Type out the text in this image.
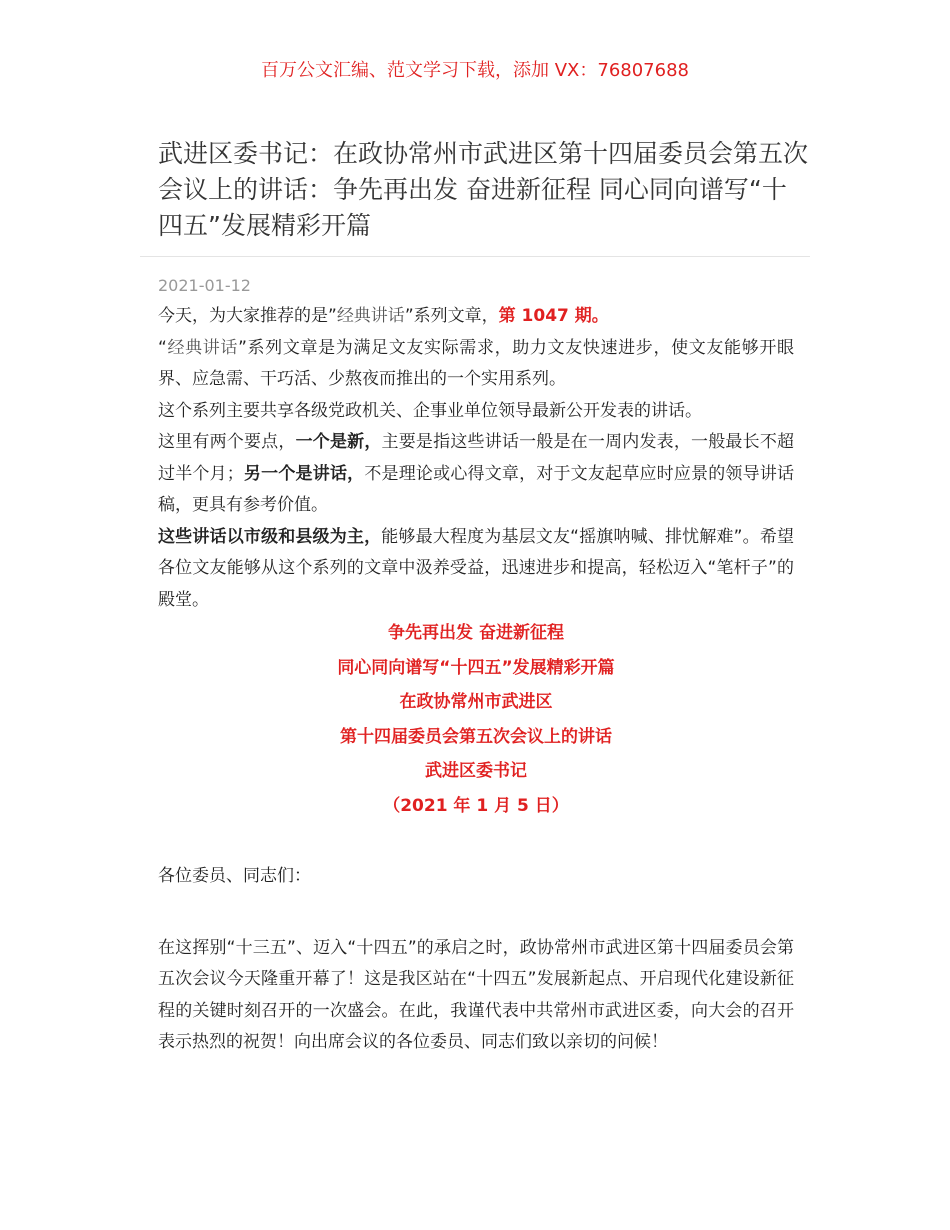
百万公文汇编、范文学习下载，添加 VX：76807688
武进区委书记：在政协常州市武进区第十四届委员会第五次会议上的讲话：争先再出发 奋进新征程 同心同向谱写“十四五”发展精彩开篇
2021-01-12

今天，为大家推荐的是”经典讲话”系列文章，第 1047 期。

“经典讲话”系列文章是为满足文友实际需求，助力文友快速进步，使文友能够开眼界、应急需、干巧活、少熬夜而推出的一个实用系列。

这个系列主要共享各级党政机关、企事业单位领导最新公开发表的讲话。

这里有两个要点，一个是新，主要是指这些讲话一般是在一周内发表，一般最长不超过半个月；另一个是讲话，不是理论或心得文章，对于文友起草应时应景的领导讲话稿，更具有参考价值。

这些讲话以市级和县级为主，能够最大程度为基层文友“摇旗呐喊、排忧解难”。希望各位文友能够从这个系列的文章中汲养受益，迅速进步和提高，轻松迈入“笔杆子”的殿堂。

争先再出发 奋进新征程

同心同向谱写“十四五”发展精彩开篇

在政协常州市武进区

第十四届委员会第五次会议上的讲话

武进区委书记

（2021 年 1 月 5 日）

各位委员、同志们：

在这挥别“十三五”、迈入“十四五”的承启之时，政协常州市武进区第十四届委员会第五次会议今天隆重开幕了！这是我区站在“十四五”发展新起点、开启现代化建设新征程的关键时刻召开的一次盛会。在此，我谨代表中共常州市武进区委，向大会的召开表示热烈的祝贺！向出席会议的各位委员、同志们致以亲切的问候！
